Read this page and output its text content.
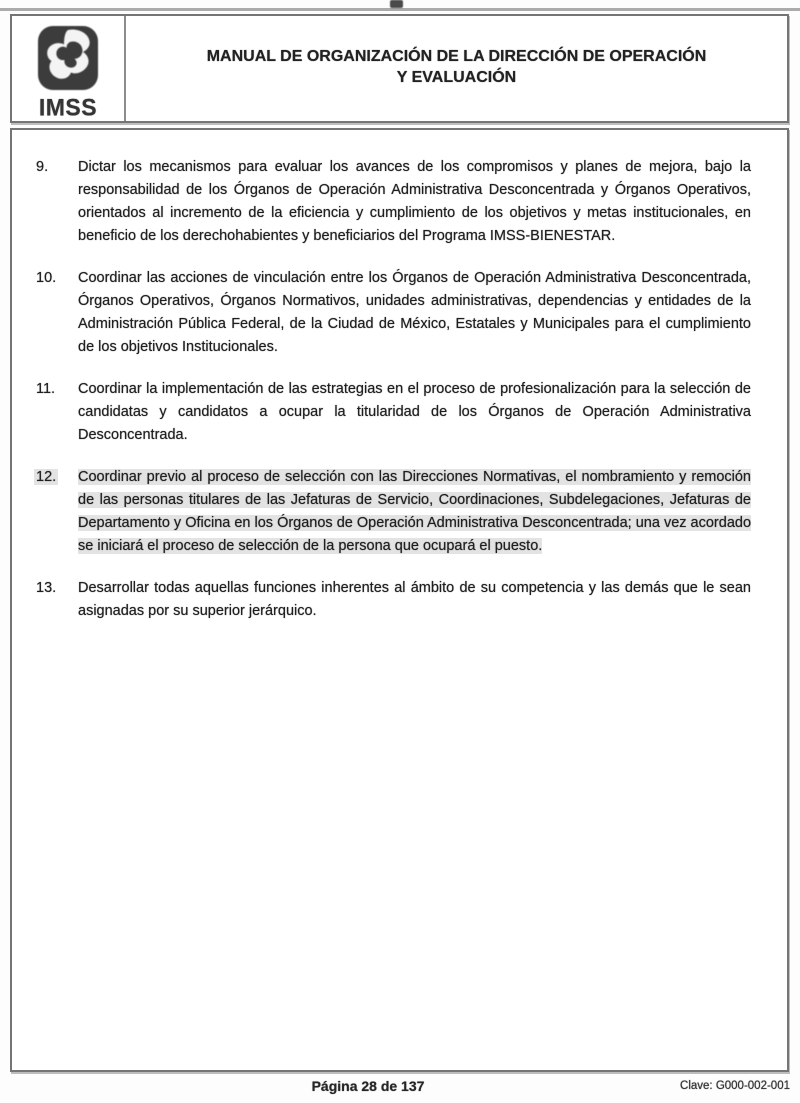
IMSS
MANUAL DE ORGANIZACIÓN DE LA DIRECCIÓN DE OPERACIÓN
Y EVALUACIÓN
9.	Dictar los mecanismos para evaluar los avances de los compromisos y planes de mejora, bajo la responsabilidad de los Órganos de Operación Administrativa Desconcentrada y Órganos Operativos, orientados al incremento de la eficiencia y cumplimiento de los objetivos y metas institucionales, en beneficio de los derechohabientes y beneficiarios del Programa IMSS-BIENESTAR.
10.	Coordinar las acciones de vinculación entre los Órganos de Operación Administrativa Desconcentrada, Órganos Operativos, Órganos Normativos, unidades administrativas, dependencias y entidades de la Administración Pública Federal, de la Ciudad de México, Estatales y Municipales para el cumplimiento de los objetivos Institucionales.
11.	Coordinar la implementación de las estrategias en el proceso de profesionalización para la selección de candidatas y candidatos a ocupar la titularidad de los Órganos de Operación Administrativa Desconcentrada.
12.	Coordinar previo al proceso de selección con las Direcciones Normativas, el nombramiento y remoción de las personas titulares de las Jefaturas de Servicio, Coordinaciones, Subdelegaciones, Jefaturas de Departamento y Oficina en los Órganos de Operación Administrativa Desconcentrada; una vez acordado se iniciará el proceso de selección de la persona que ocupará el puesto.
13.	Desarrollar todas aquellas funciones inherentes al ámbito de su competencia y las demás que le sean asignadas por su superior jerárquico.
Página 28 de 137	Clave: G000-002-001
